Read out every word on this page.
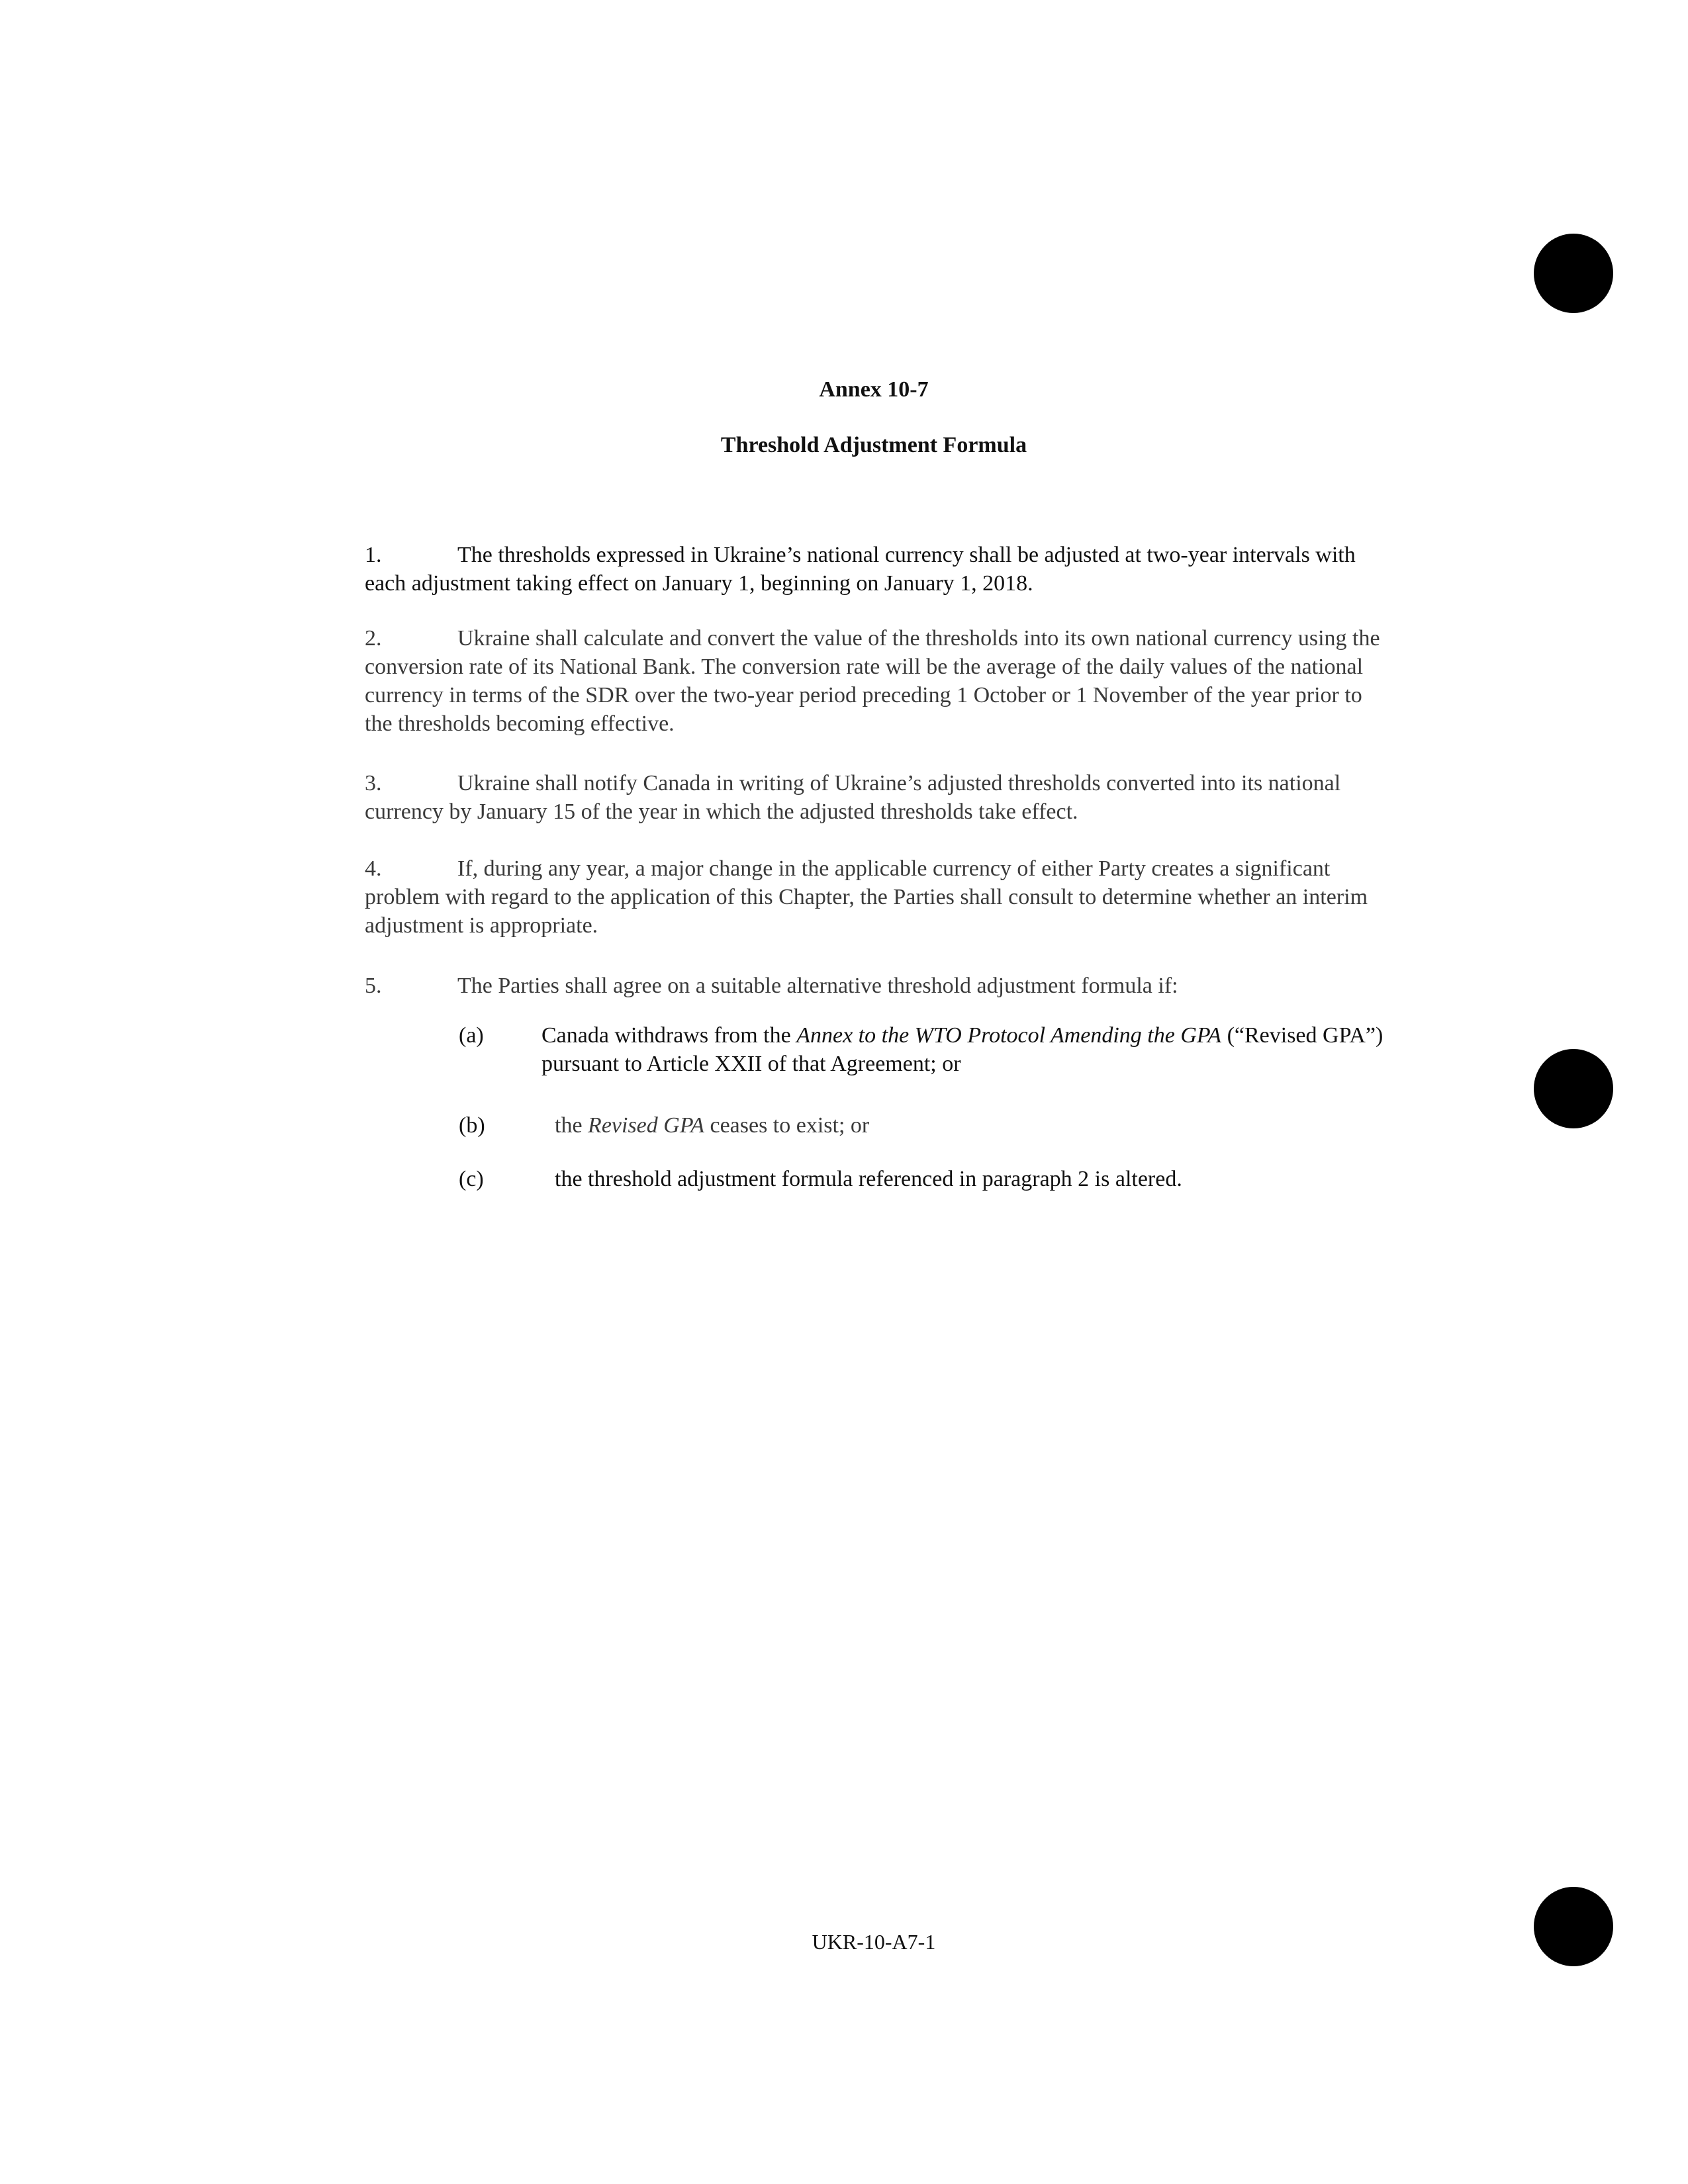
Annex 10-7
Threshold Adjustment Formula

1.	The thresholds expressed in Ukraine’s national currency shall be adjusted at two-year intervals with each adjustment taking effect on January 1, beginning on January 1, 2018.

2.	Ukraine shall calculate and convert the value of the thresholds into its own national currency using the conversion rate of its National Bank. The conversion rate will be the average of the daily values of the national currency in terms of the SDR over the two-year period preceding 1 October or 1 November of the year prior to the thresholds becoming effective.

3.	Ukraine shall notify Canada in writing of Ukraine’s adjusted thresholds converted into its national currency by January 15 of the year in which the adjusted thresholds take effect.

4.	If, during any year, a major change in the applicable currency of either Party creates a significant problem with regard to the application of this Chapter, the Parties shall consult to determine whether an interim adjustment is appropriate.

5.	The Parties shall agree on a suitable alternative threshold adjustment formula if:

(a)	Canada withdraws from the Annex to the WTO Protocol Amending the GPA (“Revised GPA”) pursuant to Article XXII of that Agreement; or
(b)	the Revised GPA ceases to exist; or
(c)	the threshold adjustment formula referenced in paragraph 2 is altered.

UKR-10-A7-1
